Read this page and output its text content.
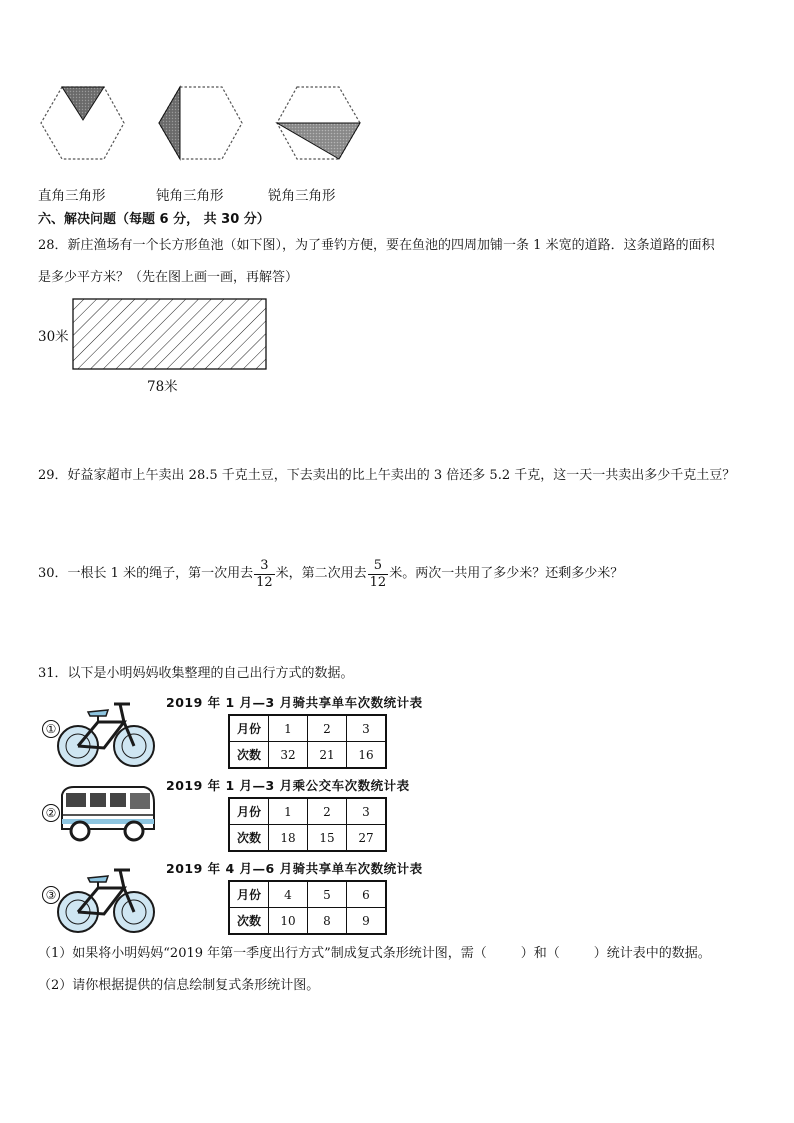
直角三角形	钝角三角形	锐角三角形
六、解决问题（每题 6 分， 共 30 分）
28．新庄渔场有一个长方形鱼池（如下图），为了垂钓方便，要在鱼池的四周加铺一条 1 米宽的道路．这条道路的面积
是多少平方米？（先在图上画一画，再解答）
30米
78米
29．好益家超市上午卖出 28.5 千克土豆，下去卖出的比上午卖出的 3 倍还多 5.2 千克，这一天一共卖出多少千克土豆？
30．一根长 1 米的绳子，第一次用去 $\frac{3}{12}$ 米，第二次用去 $\frac{5}{12}$ 米。两次一共用了多少米？还剩多少米？
31．以下是小明妈妈收集整理的自己出行方式的数据。
①
2019 年 1 月—3 月骑共享单车次数统计表
月份	1	2	3
次数	32	21	16
②
2019 年 1 月—3 月乘公交车次数统计表
月份	1	2	3
次数	18	15	27
③
2019 年 4 月—6 月骑共享单车次数统计表
月份	4	5	6
次数	10	8	9
（1）如果将小明妈妈“2019 年第一季度出行方式”制成复式条形统计图，需（	）和（	）统计表中的数据。
（2）请你根据提供的信息绘制复式条形统计图。
